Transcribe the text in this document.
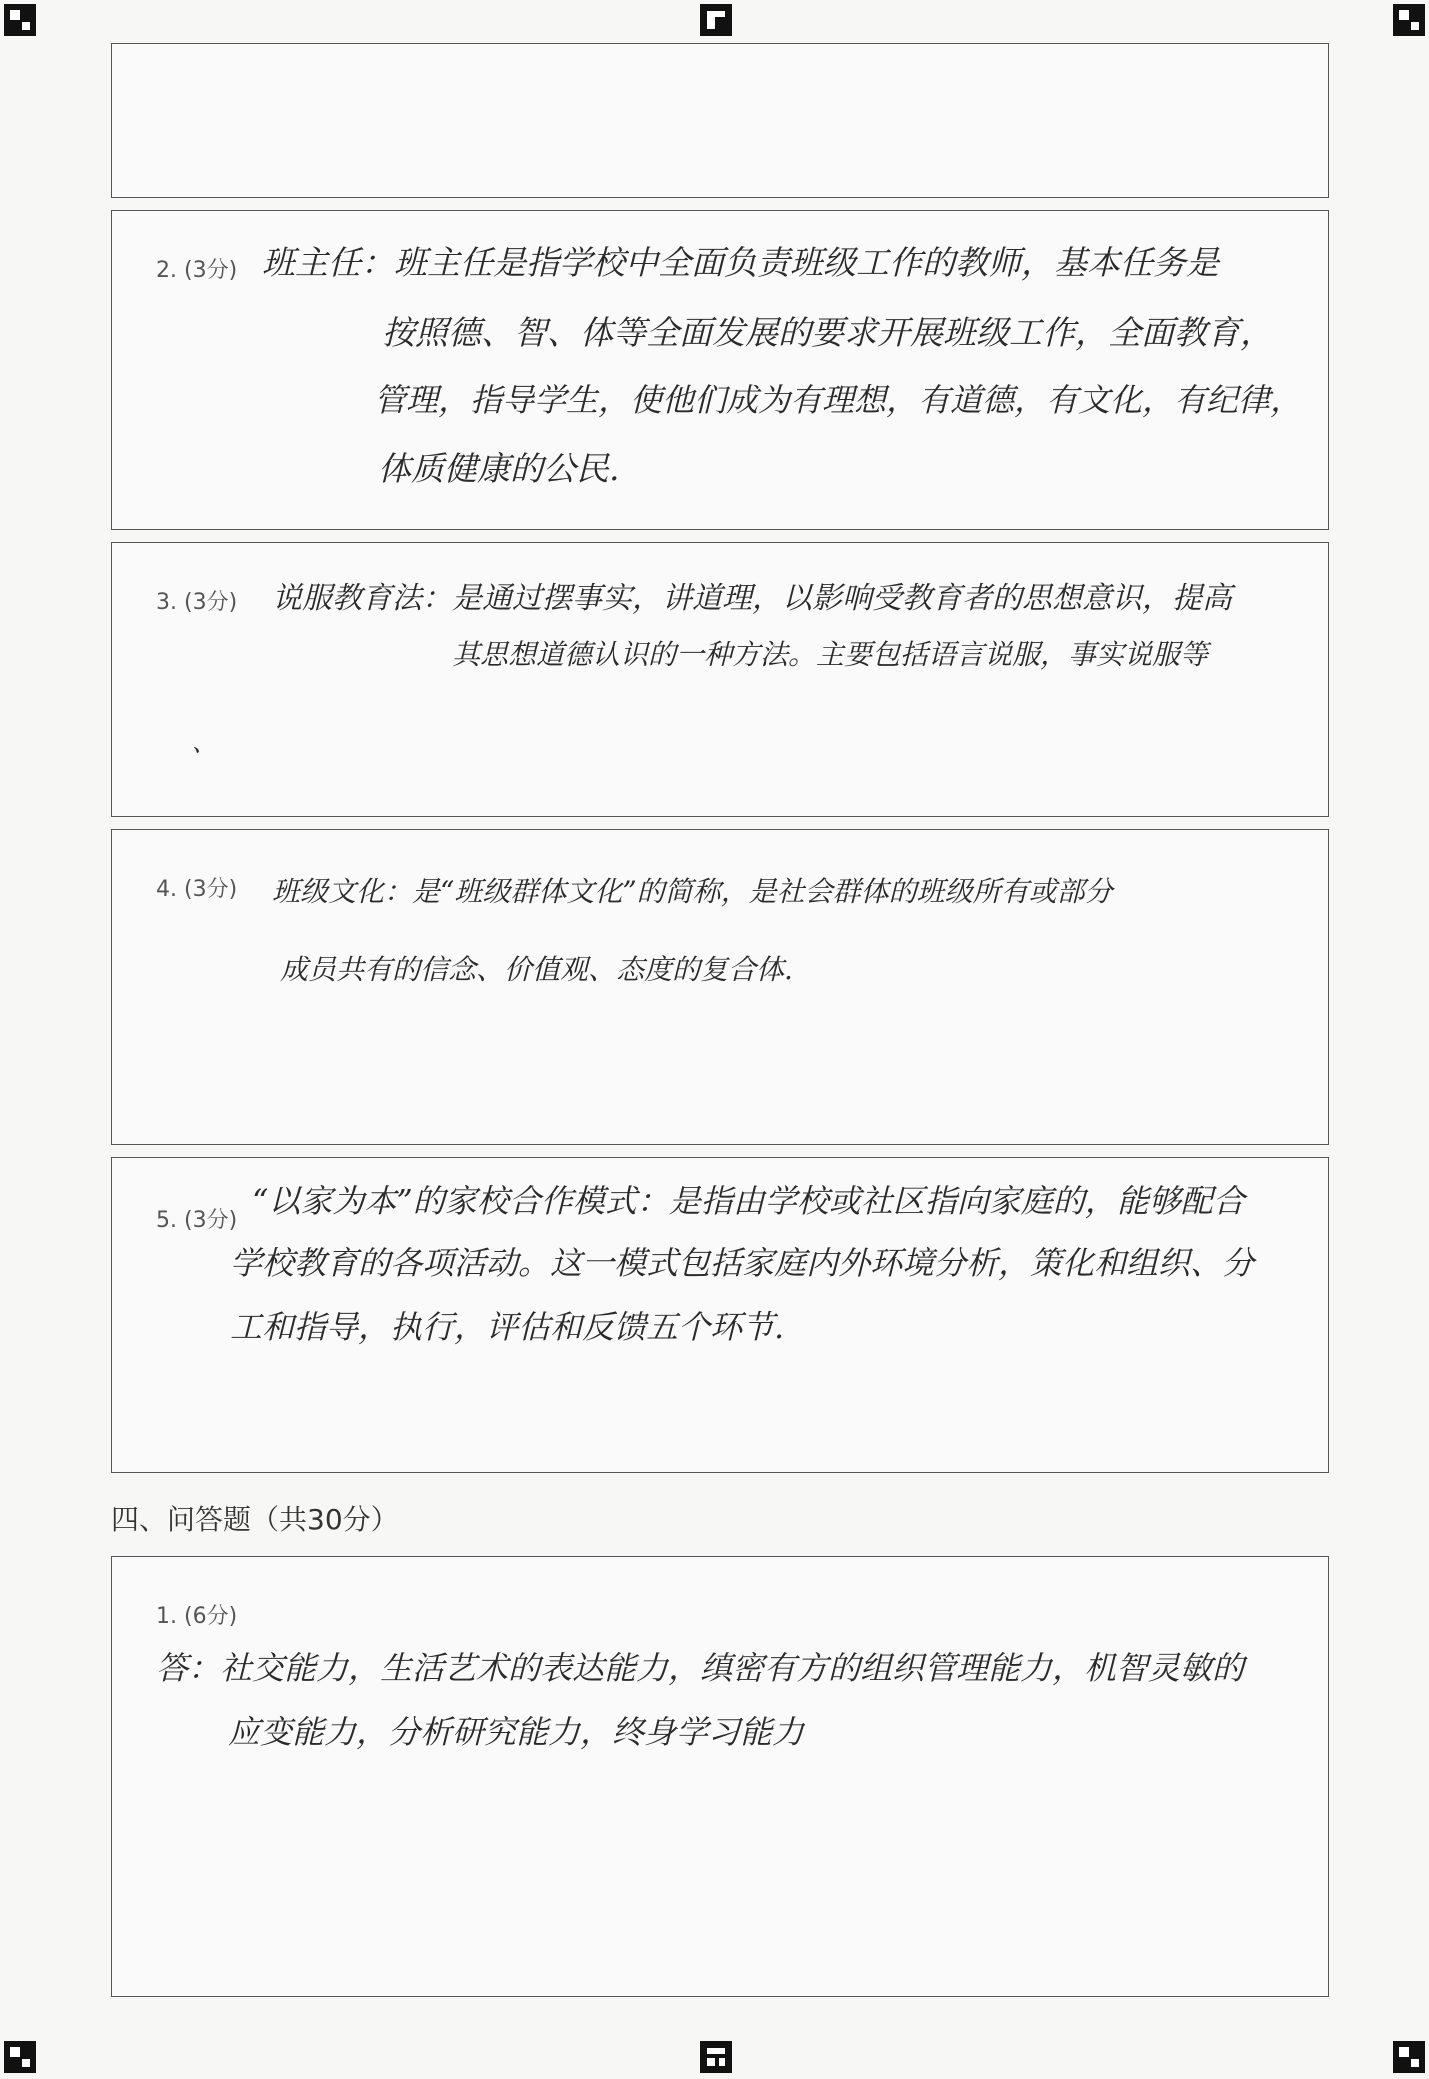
2. (3分) 班主任：班主任是指学校中全面负责班级工作的教师，基本任务是
按照德、智、体等全面发展的要求开展班级工作，全面教育，
管理，指导学生，使他们成为有理想，有道德，有文化，有纪律，
体质健康的公民.
3. (3分) 说服教育法：是通过摆事实，讲道理，以影响受教育者的思想意识，提高
其思想道德认识的一种方法。主要包括语言说服，事实说服等
、
4. (3分) 班级文化：是“班级群体文化”的简称，是社会群体的班级所有或部分
成员共有的信念、价值观、态度的复合体.
5. (3分)
“以家为本”的家校合作模式：是指由学校或社区指向家庭的，能够配合
学校教育的各项活动。这一模式包括家庭内外环境分析，策化和组织、分
工和指导，执行，评估和反馈五个环节.
四、问答题（共30分）
1. (6分)
答：社交能力，生活艺术的表达能力，缜密有方的组织管理能力，机智灵敏的
应变能力，分析研究能力，终身学习能力
